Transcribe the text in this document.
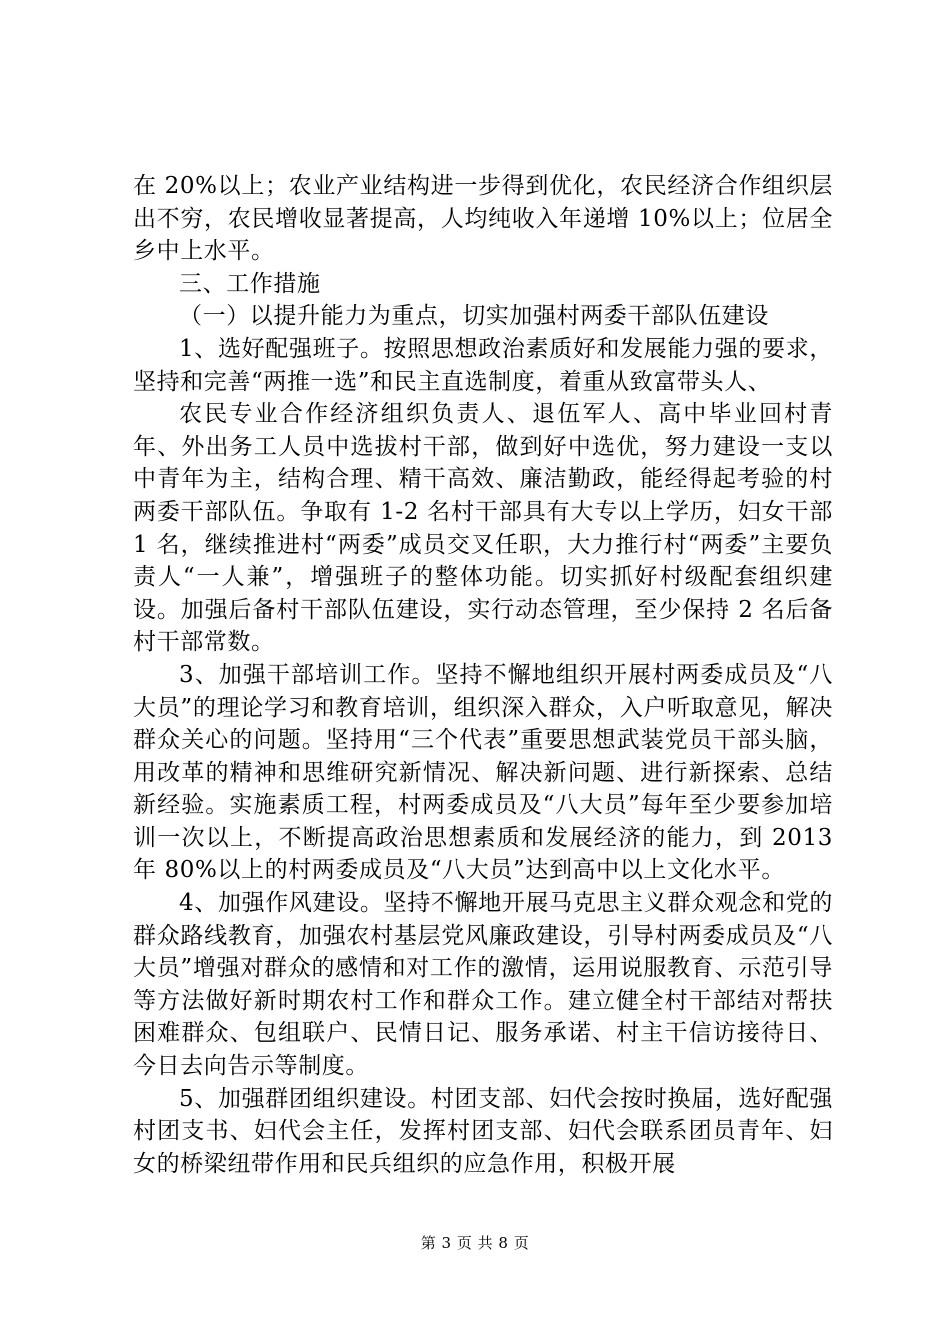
在 20%以上；农业产业结构进一步得到优化，农民经济合作组织层出不穷，农民增收显著提高，人均纯收入年递增 10%以上；位居全乡中上水平。

三、工作措施

（一）以提升能力为重点，切实加强村两委干部队伍建设

1、选好配强班子。按照思想政治素质好和发展能力强的要求，坚持和完善“两推一选”和民主直选制度，着重从致富带头人、

农民专业合作经济组织负责人、退伍军人、高中毕业回村青年、外出务工人员中选拔村干部，做到好中选优，努力建设一支以中青年为主，结构合理、精干高效、廉洁勤政，能经得起考验的村两委干部队伍。争取有 1-2 名村干部具有大专以上学历，妇女干部 1 名，继续推进村“两委”成员交叉任职，大力推行村“两委”主要负责人“一人兼”，增强班子的整体功能。切实抓好村级配套组织建设。加强后备村干部队伍建设，实行动态管理，至少保持 2 名后备村干部常数。

3、加强干部培训工作。坚持不懈地组织开展村两委成员及“八大员”的理论学习和教育培训，组织深入群众，入户听取意见，解决群众关心的问题。坚持用“三个代表”重要思想武装党员干部头脑，用改革的精神和思维研究新情况、解决新问题、进行新探索、总结新经验。实施素质工程，村两委成员及“八大员”每年至少要参加培训一次以上，不断提高政治思想素质和发展经济的能力，到 2013 年 80%以上的村两委成员及“八大员”达到高中以上文化水平。

4、加强作风建设。坚持不懈地开展马克思主义群众观念和党的群众路线教育，加强农村基层党风廉政建设，引导村两委成员及“八大员”增强对群众的感情和对工作的激情，运用说服教育、示范引导等方法做好新时期农村工作和群众工作。建立健全村干部结对帮扶困难群众、包组联户、民情日记、服务承诺、村主干信访接待日、今日去向告示等制度。

5、加强群团组织建设。村团支部、妇代会按时换届，选好配强村团支书、妇代会主任，发挥村团支部、妇代会联系团员青年、妇女的桥梁纽带作用和民兵组织的应急作用，积极开展

第 3 页 共 8 页
